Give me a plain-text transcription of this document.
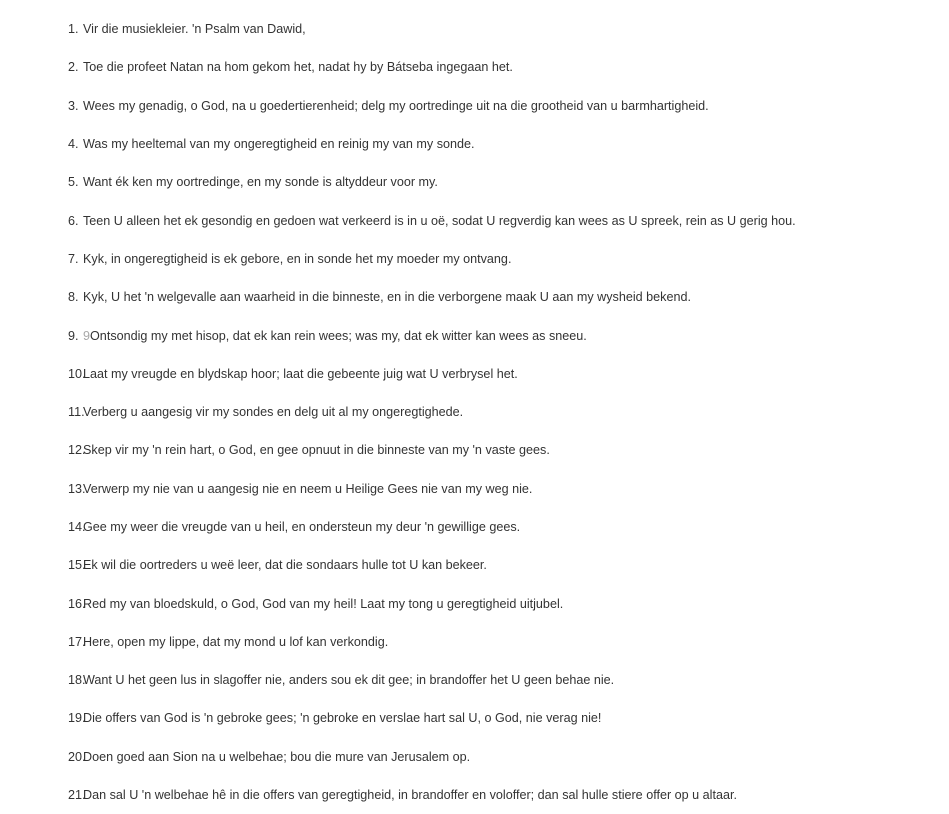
1. Vir die musiekleier. 'n Psalm van Dawid,
2. Toe die profeet Natan na hom gekom het, nadat hy by Bátseba ingegaan het.
3. Wees my genadig, o God, na u goedertierenheid; delg my oortredinge uit na die grootheid van u barmhartigheid.
4. Was my heeltemal van my ongeregtigheid en reinig my van my sonde.
5. Want ék ken my oortredinge, en my sonde is altyddeur voor my.
6. Teen U alleen het ek gesondig en gedoen wat verkeerd is in u oë, sodat U regverdig kan wees as U spreek, rein as U gerig hou.
7. Kyk, in ongeregtigheid is ek gebore, en in sonde het my moeder my ontvang.
8. Kyk, U het 'n welgevalle aan waarheid in die binneste, en in die verborgene maak U aan my wysheid bekend.
9. 9Ontsondig my met hisop, dat ek kan rein wees; was my, dat ek witter kan wees as sneeu.
10.
Laat my vreugde en blydskap hoor; laat die gebeente juig wat U verbrysel het.
11.
Verberg u aangesig vir my sondes en delg uit al my ongeregtighede.
12.
Skep vir my 'n rein hart, o God, en gee opnuut in die binneste van my 'n vaste gees.
13.
Verwerp my nie van u aangesig nie en neem u Heilige Gees nie van my weg nie.
14.
Gee my weer die vreugde van u heil, en ondersteun my deur 'n gewillige gees.
15.
Ek wil die oortreders u weë leer, dat die sondaars hulle tot U kan bekeer.
16.
Red my van bloedskuld, o God, God van my heil! Laat my tong u geregtigheid uitjubel.
17.
Here, open my lippe, dat my mond u lof kan verkondig.
18.
Want U het geen lus in slagoffer nie, anders sou ek dit gee; in brandoffer het U geen behae nie.
19.
Die offers van God is 'n gebroke gees; 'n gebroke en verslae hart sal U, o God, nie verag nie!
20.
Doen goed aan Sion na u welbehae; bou die mure van Jerusalem op.
21.
Dan sal U 'n welbehae hê in die offers van geregtigheid, in brandoffer en voloffer; dan sal hulle stiere offer op u altaar.
